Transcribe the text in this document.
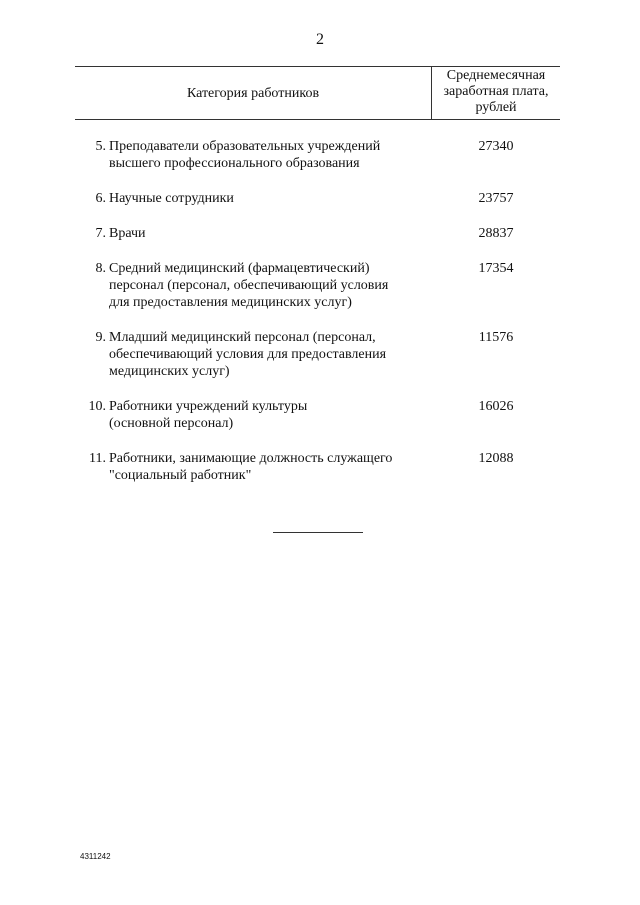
2
Категория работников
Среднемесячная заработная плата, рублей
5. Преподаватели образовательных учреждений
высшего профессионального образования
27340
6. Научные сотрудники	23757
7. Врачи	28837
8. Средний медицинский (фармацевтический)
персонал (персонал, обеспечивающий условия
для предоставления медицинских услуг)
17354
9. Младший медицинский персонал (персонал,
обеспечивающий условия для предоставления
медицинских услуг)
11576
10. Работники учреждений культуры
(основной персонал)
16026
11. Работники, занимающие должность служащего
"социальный работник"
12088
4311242
